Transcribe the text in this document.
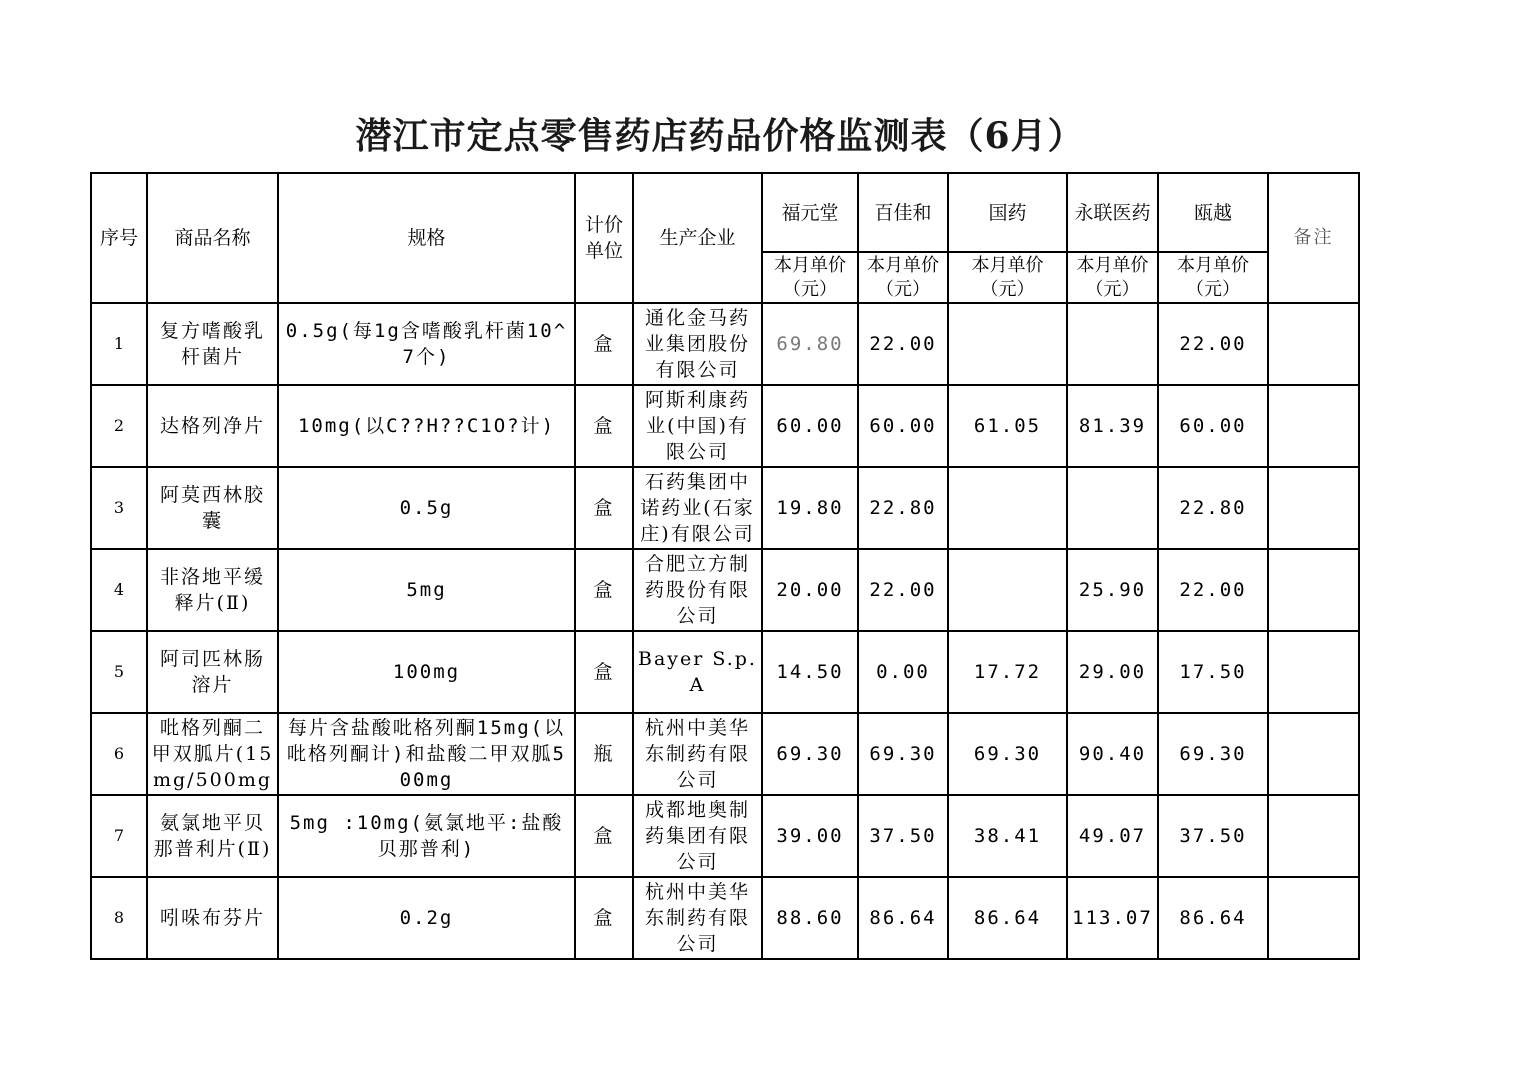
潜江市定点零售药店药品价格监测表（6月）
序号	商品名称	规格	计价单位	生产企业	福元堂	百佳和	国药	永联医药	瓯越	备注
					本月单价（元）	本月单价（元）	本月单价（元）	本月单价（元）	本月单价（元）	
1	复方嗜酸乳杆菌片	0.5g(每1g含嗜酸乳杆菌10^7个)	盒	通化金马药业集团股份有限公司	69.80	22.00			22.00	
2	达格列净片	10mg(以C??H??C1O?计)	盒	阿斯利康药业(中国)有限公司	60.00	60.00	61.05	81.39	60.00	
3	阿莫西林胶囊	0.5g	盒	石药集团中诺药业(石家庄)有限公司	19.80	22.80			22.80	
4	非洛地平缓释片(Ⅱ)	5mg	盒	合肥立方制药股份有限公司	20.00	22.00		25.90	22.00	
5	阿司匹林肠溶片	100mg	盒	Bayer S.p.A	14.50	0.00	17.72	29.00	17.50	
6	吡格列酮二甲双胍片(15mg/500mg	每片含盐酸吡格列酮15mg(以吡格列酮计)和盐酸二甲双胍500mg	瓶	杭州中美华东制药有限公司	69.30	69.30	69.30	90.40	69.30	
7	氨氯地平贝那普利片(Ⅱ)	5mg :10mg(氨氯地平:盐酸贝那普利)	盒	成都地奥制药集团有限公司	39.00	37.50	38.41	49.07	37.50	
8	吲哚布芬片	0.2g	盒	杭州中美华东制药有限公司	88.60	86.64	86.64	113.07	86.64	
